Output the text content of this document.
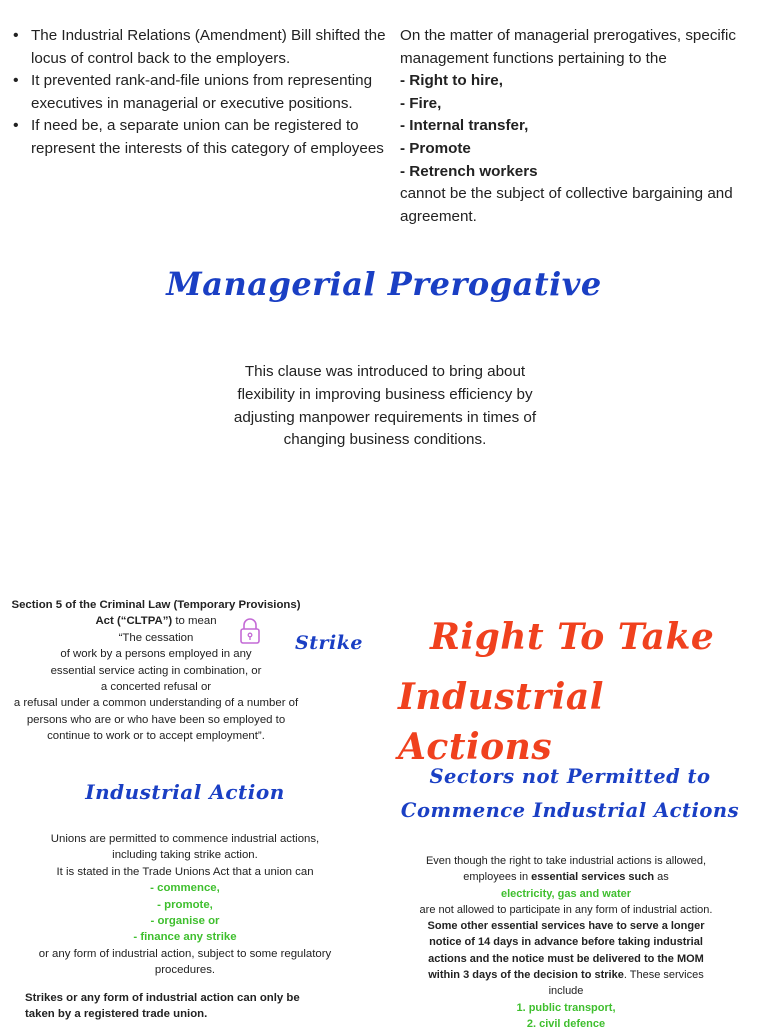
• The Industrial Relations (Amendment) Bill shifted the locus of control back to the employers.
• It prevented rank-and-file unions from representing executives in managerial or executive positions.
• If need be, a separate union can be registered to represent the interests of this category of employees
On the matter of managerial prerogatives, specific management functions pertaining to the
- Right to hire,
- Fire,
- Internal transfer,
- Promote
- Retrench workers
cannot be the subject of collective bargaining and agreement.
Managerial Prerogative
This clause was introduced to bring about flexibility in improving business efficiency by adjusting manpower requirements in times of changing business conditions.
Section 5 of the Criminal Law (Temporary Provisions)
Act (“CLTPA”) to mean
“The cessation
of work by a persons employed in any
essential service acting in combination, or
a concerted refusal or
a refusal under a common understanding of a number of
persons who are or who have been so employed to
continue to work or to accept employment”.
Strike Right To Take
Industrial Actions
Industrial Action
Unions are permitted to commence industrial actions,
including taking strike action.
It is stated in the Trade Unions Act that a union can
- commence,
- promote,
- organise or
- finance any strike
or any form of industrial action, subject to some regulatory
procedures.
Strikes or any form of industrial action can only be
taken by a registered trade union.
Sectors not Permitted to
Commence Industrial Actions
Even though the right to take industrial actions is allowed,
employees in essential services such as
electricity, gas and water
are not allowed to participate in any form of industrial action.
Some other essential services have to serve a longer
notice of 14 days in advance before taking industrial
actions and the notice must be delivered to the MOM
within 3 days of the decision to strike. These services
include
1. public transport,
2. civil defence
